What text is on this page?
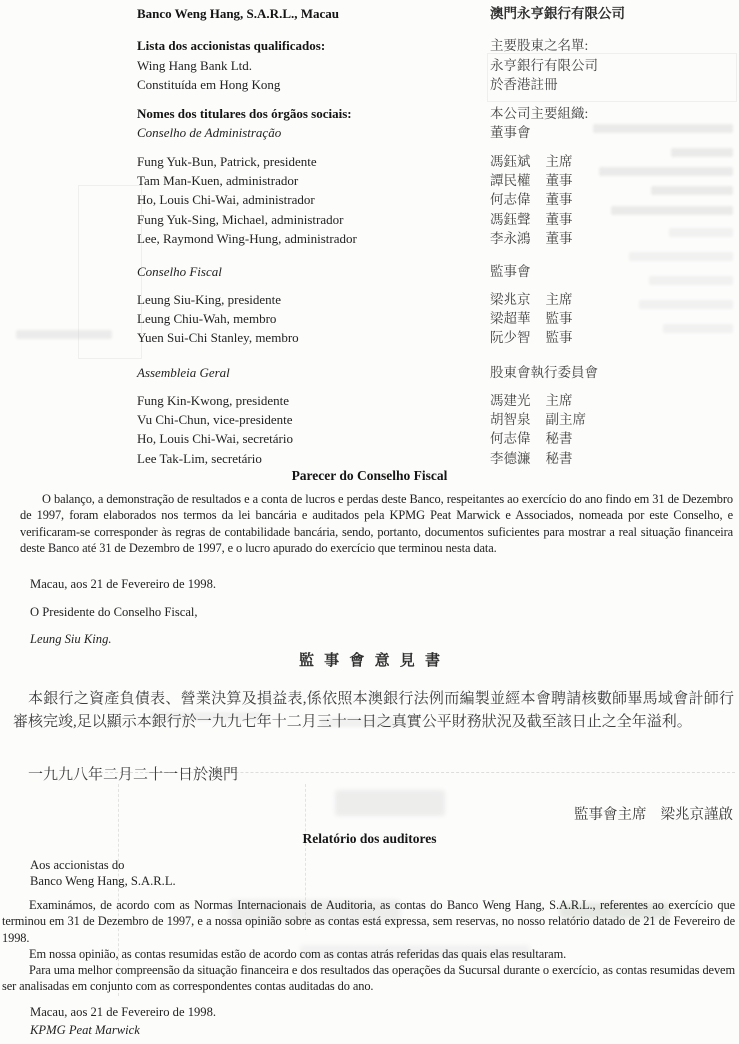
Banco Weng Hang, S.A.R.L., Macau	澳門永亨銀行有限公司
Lista dos accionistas qualificados:	主要股東之名單:
Wing Hang Bank Ltd.	永亨銀行有限公司
Constituída em Hong Kong	於香港註冊
Nomes dos titulares dos órgãos sociais:	本公司主要組織:
Conselho de Administração	董事會
Fung Yuk-Bun, Patrick, presidente	馮鈺斌 主席
Tam Man-Kuen, administrador	譚民權 董事
Ho, Louis Chi-Wai, administrador	何志偉 董事
Fung Yuk-Sing, Michael, administrador	馮鈺聲 董事
Lee, Raymond Wing-Hung, administrador	李永鴻 董事
Conselho Fiscal	監事會
Leung Siu-King, presidente	梁兆京 主席
Leung Chiu-Wah, membro	梁超華 監事
Yuen Sui-Chi Stanley, membro	阮少智 監事
Assembleia Geral	股東會執行委員會
Fung Kin-Kwong, presidente	馮建光 主席
Vu Chi-Chun, vice-presidente	胡智泉 副主席
Ho, Louis Chi-Wai, secretário	何志偉 秘書
Lee Tak-Lim, secretário	李德濂 秘書
Parecer do Conselho Fiscal

O balanço, a demonstração de resultados e a conta de lucros e perdas deste Banco, respeitantes ao exercício do ano findo em 31 de Dezembro de 1997, foram elaborados nos termos da lei bancária e auditados pela KPMG Peat Marwick e Associados, nomeada por este Conselho, e verificaram-se corresponder às regras de contabilidade bancária, sendo, portanto, documentos suficientes para mostrar a real situação financeira deste Banco até 31 de Dezembro de 1997, e o lucro apurado do exercício que terminou nesta data.

Macau, aos 21 de Fevereiro de 1998.
O Presidente do Conselho Fiscal,
Leung Siu King.
監事會意見書

本銀行之資產負債表、營業決算及損益表,係依照本澳銀行法例而編製並經本會聘請核數師畢馬域會計師行審核完竣,足以顯示本銀行於一九九七年十二月三十一日之真實公平財務狀況及截至該日止之全年溢利。

一九九八年二月二十一日於澳門
監事會主席 梁兆京謹啟
Relatório dos auditores
Aos accionistas do
Banco Weng Hang, S.A.R.L.

Examinámos, de acordo com as Normas Internacionais de Auditoria, as contas do Banco Weng Hang, S.A.R.L., referentes ao exercício que terminou em 31 de Dezembro de 1997, e a nossa opinião sobre as contas está expressa, sem reservas, no nosso relatório datado de 21 de Fevereiro de 1998.

Em nossa opinião, as contas resumidas estão de acordo com as contas atrás referidas das quais elas resultaram.

Para uma melhor compreensão da situação financeira e dos resultados das operações da Sucursal durante o exercício, as contas resumidas devem ser analisadas em conjunto com as correspondentes contas auditadas do ano.

Macau, aos 21 de Fevereiro de 1998.
KPMG Peat Marwick
